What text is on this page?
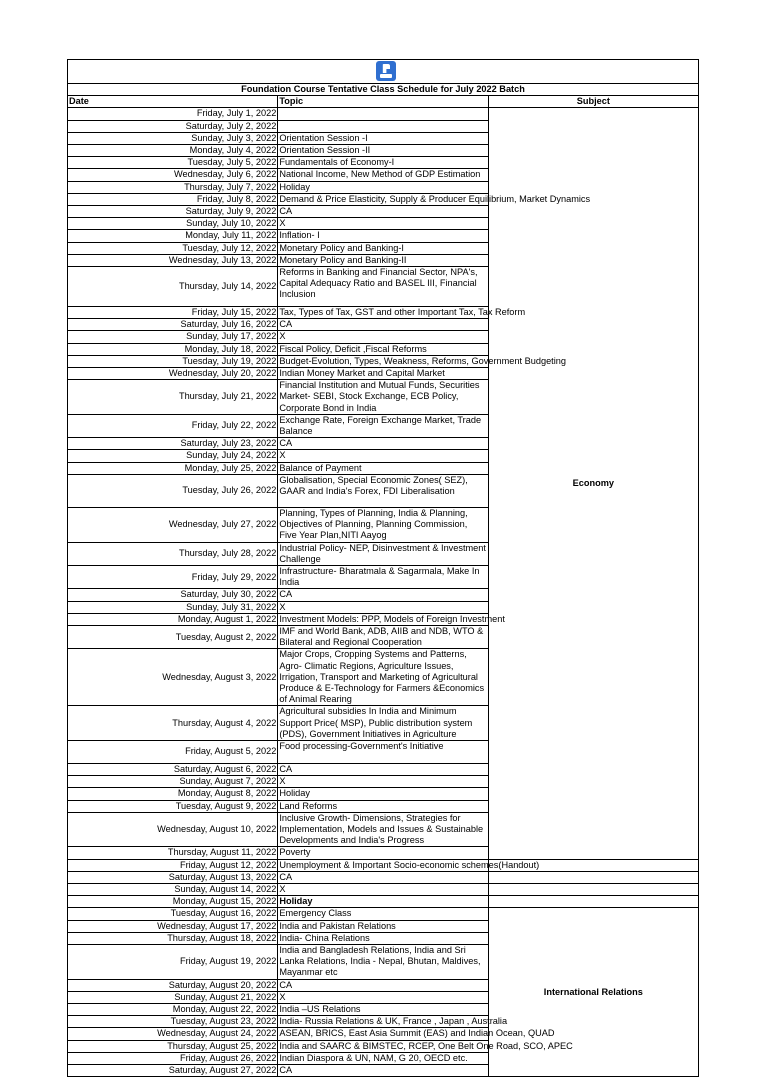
Foundation Course Tentative Class Schedule for July 2022 Batch		
Date	Topic	Subject
Friday, July 1, 2022		Economy
Saturday, July 2, 2022		
Sunday, July 3, 2022	Orientation Session -I	
Monday, July 4, 2022	Orientation Session -II	
Tuesday, July 5, 2022	Fundamentals of Economy-I	
Wednesday, July 6, 2022	National Income, New Method of GDP Estimation	
Thursday, July 7, 2022	Holiday	
Friday, July 8, 2022	Demand & Price Elasticity, Supply & Producer Equilibrium, Market Dynamics	
Saturday, July 9, 2022	CA	
Sunday, July 10, 2022	X	
Monday, July 11, 2022	Inflation- I	
Tuesday, July 12, 2022	Monetary Policy and Banking-I	
Wednesday, July 13, 2022	Monetary Policy and Banking-II	
Thursday, July 14, 2022	Reforms in Banking and Financial Sector, NPA's, Capital Adequacy Ratio and BASEL III, Financial Inclusion	
Friday, July 15, 2022	Tax, Types of Tax, GST and other Important Tax, Tax Reform	
Saturday, July 16, 2022	CA	
Sunday, July 17, 2022	X	
Monday, July 18, 2022	Fiscal Policy, Deficit ,Fiscal Reforms	
Tuesday, July 19, 2022	Budget-Evolution, Types, Weakness, Reforms, Government Budgeting	
Wednesday, July 20, 2022	Indian Money Market and Capital Market	
Thursday, July 21, 2022	Financial Institution and Mutual Funds, Securities Market- SEBI, Stock Exchange, ECB Policy, Corporate Bond in India	
Friday, July 22, 2022	Exchange Rate, Foreign Exchange Market, Trade Balance	
Saturday, July 23, 2022	CA	
Sunday, July 24, 2022	X	
Monday, July 25, 2022	Balance of Payment	
Tuesday, July 26, 2022	Globalisation, Special Economic Zones( SEZ), GAAR and India's Forex, FDI Liberalisation	
Wednesday, July 27, 2022	Planning, Types of Planning, India & Planning, Objectives of Planning, Planning Commission, Five Year Plan,NITI Aayog	
Thursday, July 28, 2022	Industrial Policy- NEP, Disinvestment & Investment Challenge	
Friday, July 29, 2022	Infrastructure- Bharatmala & Sagarmala, Make In India	
Saturday, July 30, 2022	CA	
Sunday, July 31, 2022	X	
Monday, August 1, 2022	Investment Models: PPP, Models of Foreign Investment	
Tuesday, August 2, 2022	IMF and World Bank, ADB, AIIB and NDB, WTO & Bilateral and Regional Cooperation	
Wednesday, August 3, 2022	Major Crops, Cropping Systems and Patterns, Agro- Climatic Regions, Agriculture Issues, Irrigation, Transport and Marketing of Agricultural Produce & E-Technology for Farmers &Economics of Animal Rearing	
Thursday, August 4, 2022	Agricultural subsidies In India and Minimum Support Price( MSP), Public distribution system (PDS), Government Initiatives in Agriculture	
Friday, August 5, 2022	Food processing-Government's Initiative	
Saturday, August 6, 2022	CA	
Sunday, August 7, 2022	X	
Monday, August 8, 2022	Holiday	
Tuesday, August 9, 2022	Land Reforms	
Wednesday, August 10, 2022	Inclusive Growth- Dimensions, Strategies for Implementation, Models and Issues & Sustainable Developments and India's Progress	
Thursday, August 11, 2022	Poverty	
Friday, August 12, 2022	Unemployment & Important Socio-economic schemes(Handout)	
Saturday, August 13, 2022	CA	
Sunday, August 14, 2022	X	
Monday, August 15, 2022	Holiday	
Tuesday, August 16, 2022	Emergency Class	International Relations
Wednesday, August 17, 2022	India and Pakistan Relations	
Thursday, August 18, 2022	India- China Relations	
Friday, August 19, 2022	India and Bangladesh Relations, India and Sri Lanka Relations, India - Nepal, Bhutan, Maldives, Mayanmar etc	
Saturday, August 20, 2022	CA	
Sunday, August 21, 2022	X	
Monday, August 22, 2022	India –US Relations	
Tuesday, August 23, 2022	India- Russia Relations & UK, France , Japan , Australia	
Wednesday, August 24, 2022	ASEAN, BRICS, East Asia Summit (EAS) and Indian Ocean, QUAD	
Thursday, August 25, 2022	India and SAARC & BIMSTEC, RCEP, One Belt One Road, SCO, APEC	
Friday, August 26, 2022	Indian Diaspora & UN, NAM, G 20, OECD etc.	
Saturday, August 27, 2022	CA	
